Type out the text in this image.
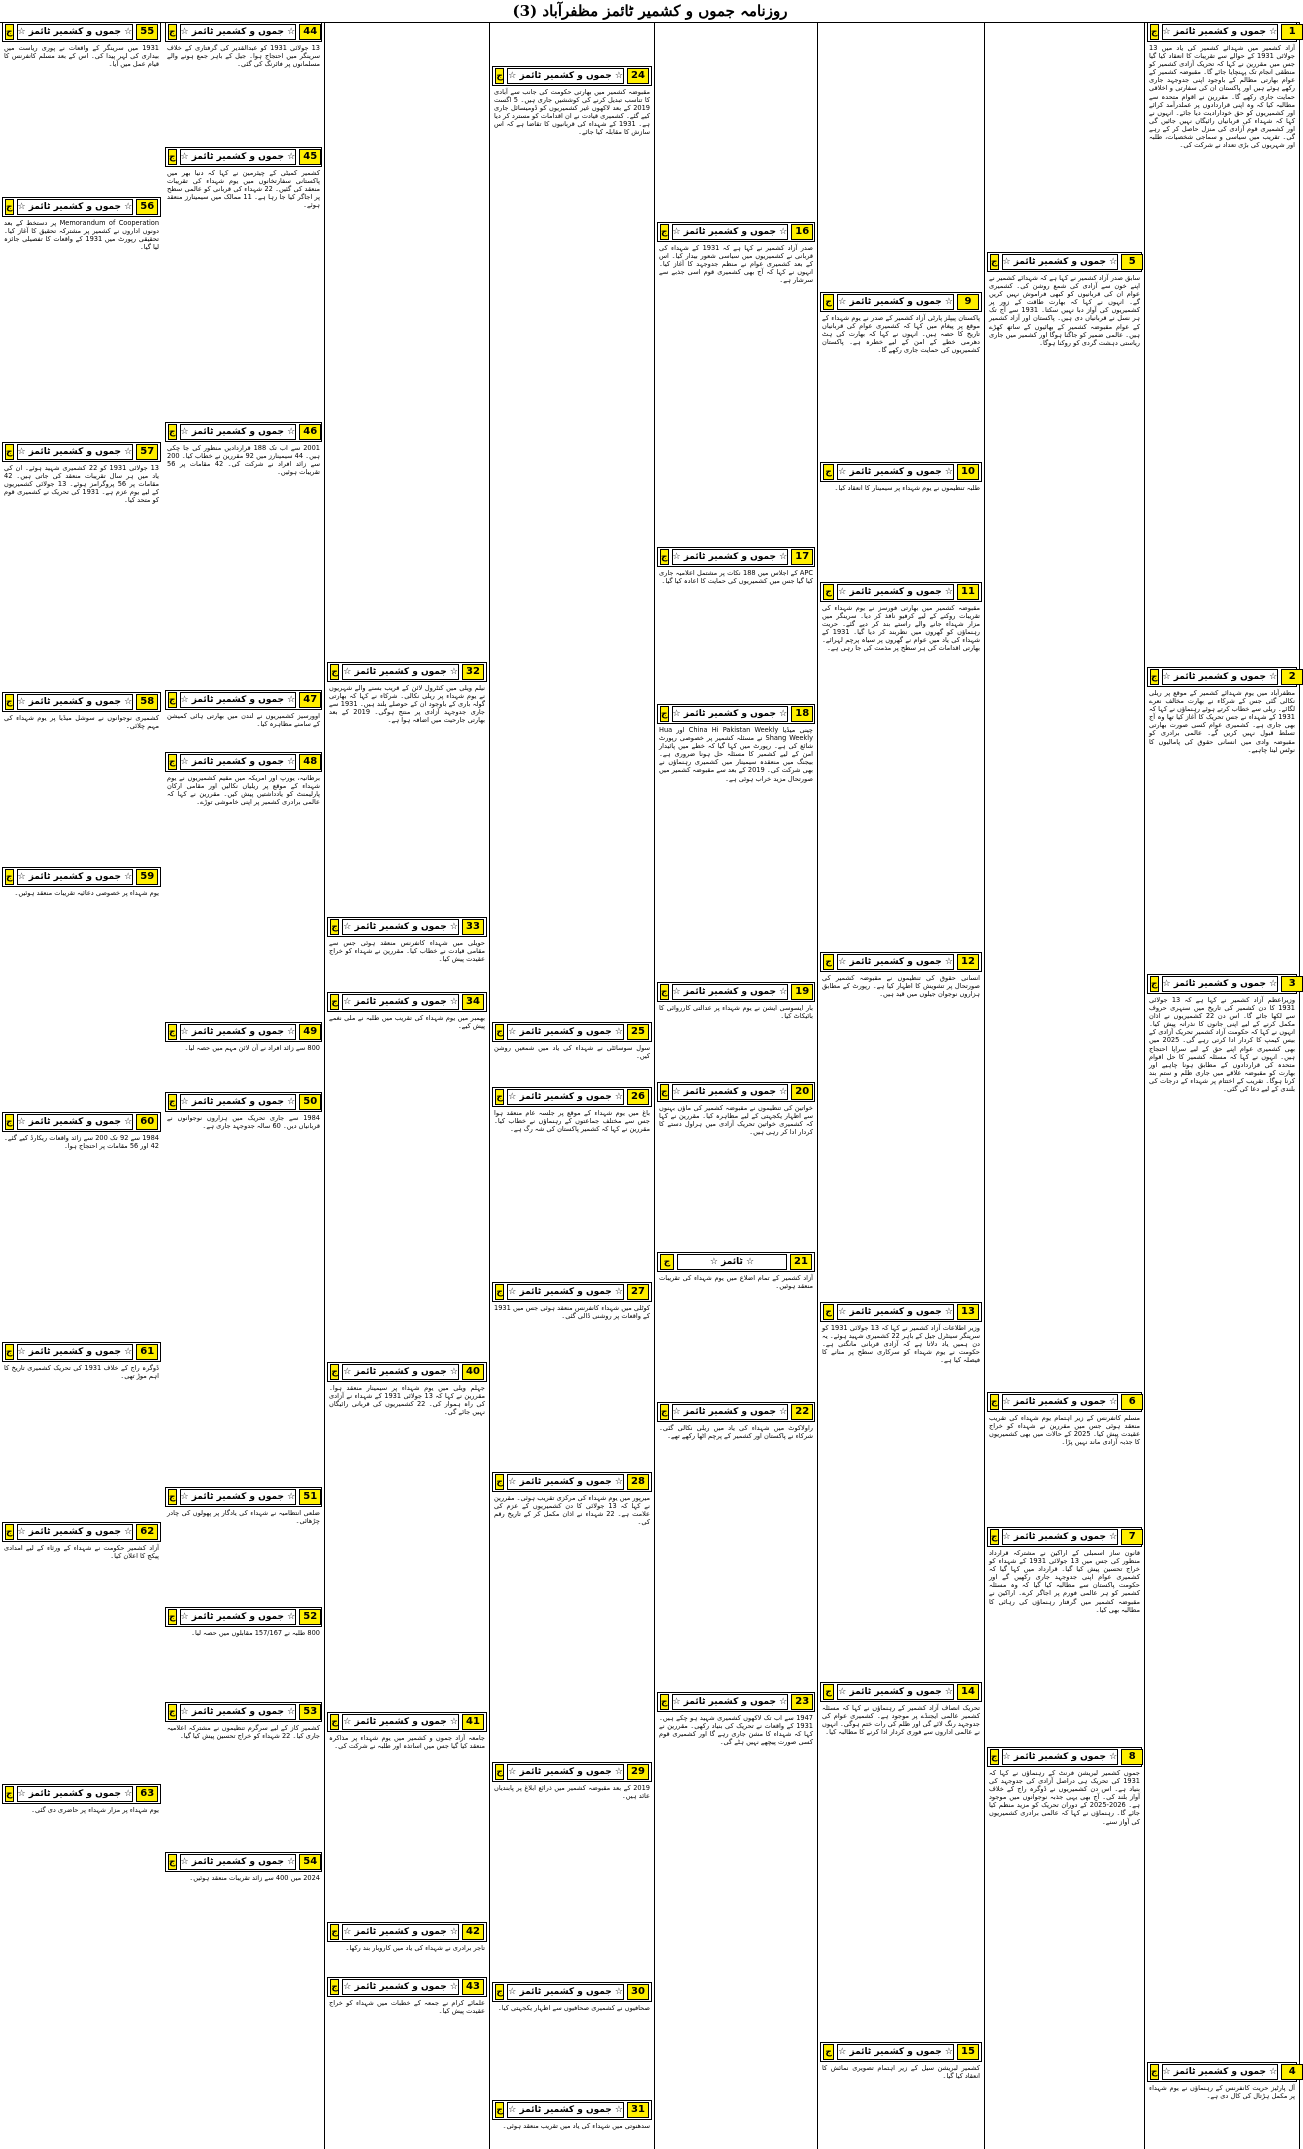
روزنامہ جموں و کشمیر ٹائمز مظفرآباد (3)
ج ☆ جموں و کشمیر ٹائمز ☆	1
آزاد کشمیر میں شہدائے کشمیر کی یاد میں 13 جولائی 1931 کے حوالے سے تقریبات کا انعقاد کیا گیا جس میں مقررین نے کہا کہ تحریک آزادی کشمیر کو منطقی انجام تک پہنچایا جائے گا۔ مقبوضہ کشمیر کے عوام بھارتی مظالم کے باوجود اپنی جدوجہد جاری رکھے ہوئے ہیں اور پاکستان ان کی سفارتی و اخلاقی حمایت جاری رکھے گا۔ مقررین نے اقوام متحدہ سے مطالبہ کیا کہ وہ اپنی قراردادوں پر عملدرآمد کرائے اور کشمیریوں کو حق خودارادیت دیا جائے۔ انہوں نے کہا کہ شہداء کی قربانیاں رائیگاں نہیں جائیں گی اور کشمیری قوم آزادی کی منزل حاصل کر کے رہے گی۔ تقریب میں سیاسی و سماجی شخصیات، طلبہ اور شہریوں کی بڑی تعداد نے شرکت کی۔
ج ☆ جموں و کشمیر ٹائمز ☆	2
مظفرآباد میں یوم شہدائے کشمیر کے موقع پر ریلی نکالی گئی جس کے شرکاء نے بھارت مخالف نعرے لگائے۔ ریلی سے خطاب کرتے ہوئے رہنماؤں نے کہا کہ 1931 کے شہداء نے جس تحریک کا آغاز کیا تھا وہ آج بھی جاری ہے۔ کشمیری عوام کسی صورت بھارتی تسلط قبول نہیں کریں گے۔ عالمی برادری کو مقبوضہ وادی میں انسانی حقوق کی پامالیوں کا نوٹس لینا چاہیے۔
ج ☆ جموں و کشمیر ٹائمز ☆	3
وزیراعظم آزاد کشمیر نے کہا ہے کہ 13 جولائی 1931 کا دن کشمیر کی تاریخ میں سنہری حروف سے لکھا جائے گا۔ اس دن 22 کشمیریوں نے اذان مکمل کرنے کے لیے اپنی جانوں کا نذرانہ پیش کیا۔ انہوں نے کہا کہ حکومت آزاد کشمیر تحریک آزادی کے بیس کیمپ کا کردار ادا کرتی رہے گی۔ 2025 میں بھی کشمیری عوام اپنے حق کے لیے سراپا احتجاج ہیں۔ انہوں نے کہا کہ مسئلہ کشمیر کا حل اقوام متحدہ کی قراردادوں کے مطابق ہونا چاہیے اور بھارت کو مقبوضہ علاقے میں جاری ظلم و ستم بند کرنا ہوگا۔ تقریب کے اختتام پر شہداء کے درجات کی بلندی کے لیے دعا کی گئی۔
ج ☆ جموں و کشمیر ٹائمز ☆	4
آل پارٹیز حریت کانفرنس کے رہنماؤں نے یوم شہداء پر مکمل ہڑتال کی کال دی ہے۔
ج ☆ جموں و کشمیر ٹائمز ☆	5
سابق صدر آزاد کشمیر نے کہا ہے کہ شہدائے کشمیر نے اپنے خون سے آزادی کی شمع روشن کی۔ کشمیری عوام ان کی قربانیوں کو کبھی فراموش نہیں کریں گے۔ انہوں نے کہا کہ بھارت طاقت کے زور پر کشمیریوں کی آواز دبا نہیں سکتا۔ 1931 سے آج تک ہر نسل نے قربانیاں دی ہیں۔ پاکستان اور آزاد کشمیر کے عوام مقبوضہ کشمیر کے بھائیوں کے ساتھ کھڑے ہیں۔ عالمی ضمیر کو جاگنا ہوگا اور کشمیر میں جاری ریاستی دہشت گردی کو روکنا ہوگا۔
ج ☆ جموں و کشمیر ٹائمز ☆	6
مسلم کانفرنس کے زیر اہتمام یوم شہداء کی تقریب منعقد ہوئی جس میں مقررین نے شہداء کو خراج عقیدت پیش کیا۔ 2025 کے حالات میں بھی کشمیریوں کا جذبہ آزادی ماند نہیں پڑا۔
ج ☆ جموں و کشمیر ٹائمز ☆	7
قانون ساز اسمبلی کے اراکین نے مشترکہ قرارداد منظور کی جس میں 13 جولائی 1931 کے شہداء کو خراج تحسین پیش کیا گیا۔ قرارداد میں کہا گیا کہ کشمیری عوام اپنی جدوجہد جاری رکھیں گے اور حکومت پاکستان سے مطالبہ کیا گیا کہ وہ مسئلہ کشمیر کو ہر عالمی فورم پر اجاگر کرے۔ اراکین نے مقبوضہ کشمیر میں گرفتار رہنماؤں کی رہائی کا مطالبہ بھی کیا۔
ج ☆ جموں و کشمیر ٹائمز ☆	8
جموں کشمیر لبریشن فرنٹ کے رہنماؤں نے کہا کہ 1931 کی تحریک ہی دراصل آزادی کی جدوجہد کی بنیاد ہے۔ اس دن کشمیریوں نے ڈوگرہ راج کے خلاف آواز بلند کی۔ آج بھی یہی جذبہ نوجوانوں میں موجود ہے۔ 2026-2025 کے دوران تحریک کو مزید منظم کیا جائے گا۔ رہنماؤں نے کہا کہ عالمی برادری کشمیریوں کی آواز سنے۔
ج ☆ جموں و کشمیر ٹائمز ☆	9
پاکستان پیپلز پارٹی آزاد کشمیر کے صدر نے یوم شہداء کے موقع پر پیغام میں کہا کہ کشمیری عوام کی قربانیاں تاریخ کا حصہ ہیں۔ انہوں نے کہا کہ بھارت کی ہٹ دھرمی خطے کے امن کے لیے خطرہ ہے۔ پاکستان کشمیریوں کی حمایت جاری رکھے گا۔
ج ☆ جموں و کشمیر ٹائمز ☆ 10
طلبہ تنظیموں نے یوم شہداء پر سیمینار کا انعقاد کیا۔
ج ☆ جموں و کشمیر ٹائمز ☆ 11
مقبوضہ کشمیر میں بھارتی فورسز نے یوم شہداء کی تقریبات روکنے کے لیے کرفیو نافذ کر دیا۔ سرینگر میں مزار شہداء جانے والے راستے بند کر دیے گئے۔ حریت رہنماؤں کو گھروں میں نظربند کر دیا گیا۔ 1931 کے شہداء کی یاد میں عوام نے گھروں پر سیاہ پرچم لہرائے۔ بھارتی اقدامات کی ہر سطح پر مذمت کی جا رہی ہے۔
ج ☆ جموں و کشمیر ٹائمز ☆ 12
انسانی حقوق کی تنظیموں نے مقبوضہ کشمیر کی صورتحال پر تشویش کا اظہار کیا ہے۔ رپورٹ کے مطابق ہزاروں نوجوان جیلوں میں قید ہیں۔
ج ☆ جموں و کشمیر ٹائمز ☆ 13
وزیر اطلاعات آزاد کشمیر نے کہا کہ 13 جولائی 1931 کو سرینگر سینٹرل جیل کے باہر 22 کشمیری شہید ہوئے۔ یہ دن ہمیں یاد دلاتا ہے کہ آزادی قربانی مانگتی ہے۔ حکومت نے یوم شہداء کو سرکاری سطح پر منانے کا فیصلہ کیا ہے۔
ج ☆ جموں و کشمیر ٹائمز ☆ 14
تحریک انصاف آزاد کشمیر کے رہنماؤں نے کہا کہ مسئلہ کشمیر عالمی ایجنڈے پر موجود ہے۔ کشمیری عوام کی جدوجہد رنگ لائے گی اور ظلم کی رات ختم ہوگی۔ انہوں نے عالمی اداروں سے فوری کردار ادا کرنے کا مطالبہ کیا۔
ج ☆ جموں و کشمیر ٹائمز ☆ 15
کشمیر لبریشن سیل کے زیر اہتمام تصویری نمائش کا انعقاد کیا گیا۔
ج ☆ جموں و کشمیر ٹائمز ☆ 16
صدر آزاد کشمیر نے کہا ہے کہ 1931 کے شہداء کی قربانی نے کشمیریوں میں سیاسی شعور بیدار کیا۔ اس کے بعد کشمیری عوام نے منظم جدوجہد کا آغاز کیا۔ انہوں نے کہا کہ آج بھی کشمیری قوم اسی جذبے سے سرشار ہے۔
ج ☆ جموں و کشمیر ٹائمز ☆ 17
APC کے اجلاس میں 188 نکات پر مشتمل اعلامیہ جاری کیا گیا جس میں کشمیریوں کی حمایت کا اعادہ کیا گیا۔
ج ☆ جموں و کشمیر ٹائمز ☆ 18
چینی میڈیا China Hi Pakistan Weekly اور Hua Shang Weekly نے مسئلہ کشمیر پر خصوصی رپورٹ شائع کی ہے۔ رپورٹ میں کہا گیا کہ خطے میں پائیدار امن کے لیے کشمیر کا مسئلہ حل ہونا ضروری ہے۔ بیجنگ میں منعقدہ سیمینار میں کشمیری رہنماؤں نے بھی شرکت کی۔ 2019 کے بعد سے مقبوضہ کشمیر میں صورتحال مزید خراب ہوئی ہے۔
ج ☆ جموں و کشمیر ٹائمز ☆ 19
بار ایسوسی ایشن نے یوم شہداء پر عدالتی کارروائی کا بائیکاٹ کیا۔
ج ☆ جموں و کشمیر ٹائمز ☆ 20
خواتین کی تنظیموں نے مقبوضہ کشمیر کی ماؤں بہنوں سے اظہار یکجہتی کے لیے مظاہرہ کیا۔ مقررین نے کہا کہ کشمیری خواتین تحریک آزادی میں ہراول دستے کا کردار ادا کر رہی ہیں۔
ج	☆ ٹائمز ☆	21
آزاد کشمیر کے تمام اضلاع میں یوم شہداء کی تقریبات منعقد ہوئیں۔
ج ☆ جموں و کشمیر ٹائمز ☆ 22
راولاکوٹ میں شہداء کی یاد میں ریلی نکالی گئی۔ شرکاء نے پاکستان اور کشمیر کے پرچم اٹھا رکھے تھے۔
ج ☆ جموں و کشمیر ٹائمز ☆ 23
1947 سے اب تک لاکھوں کشمیری شہید ہو چکے ہیں۔ 1931 کے واقعات نے تحریک کی بنیاد رکھی۔ مقررین نے کہا کہ شہداء کا مشن جاری رہے گا اور کشمیری قوم کسی صورت پیچھے نہیں ہٹے گی۔
ج ☆ جموں و کشمیر ٹائمز ☆ 24
مقبوضہ کشمیر میں بھارتی حکومت کی جانب سے آبادی کا تناسب تبدیل کرنے کی کوششیں جاری ہیں۔ 5 اگست 2019 کے بعد لاکھوں غیر کشمیریوں کو ڈومیسائل جاری کیے گئے۔ کشمیری قیادت نے ان اقدامات کو مسترد کر دیا ہے۔ 1931 کے شہداء کی قربانیوں کا تقاضا ہے کہ اس سازش کا مقابلہ کیا جائے۔
ج ☆ جموں و کشمیر ٹائمز ☆ 25
سول سوسائٹی نے شہداء کی یاد میں شمعیں روشن کیں۔
ج ☆ جموں و کشمیر ٹائمز ☆ 26
باغ میں یوم شہداء کے موقع پر جلسہ عام منعقد ہوا جس سے مختلف جماعتوں کے رہنماؤں نے خطاب کیا۔ مقررین نے کہا کہ کشمیر پاکستان کی شہ رگ ہے۔
ج ☆ جموں و کشمیر ٹائمز ☆ 27
کوٹلی میں شہداء کانفرنس منعقد ہوئی جس میں 1931 کے واقعات پر روشنی ڈالی گئی۔
ج ☆ جموں و کشمیر ٹائمز ☆ 28
میرپور میں یوم شہداء کی مرکزی تقریب ہوئی۔ مقررین نے کہا کہ 13 جولائی کا دن کشمیریوں کے عزم کی علامت ہے۔ 22 شہداء نے اذان مکمل کر کے تاریخ رقم کی۔
ج ☆ جموں و کشمیر ٹائمز ☆ 29
2019 کے بعد مقبوضہ کشمیر میں ذرائع ابلاغ پر پابندیاں عائد ہیں۔
ج ☆ جموں و کشمیر ٹائمز ☆ 30
صحافیوں نے کشمیری صحافیوں سے اظہار یکجہتی کیا۔
ج ☆ جموں و کشمیر ٹائمز ☆ 31
سدھنوتی میں شہداء کی یاد میں تقریب منعقد ہوئی۔
ج ☆ جموں و کشمیر ٹائمز ☆ 32
نیلم ویلی میں کنٹرول لائن کے قریب بسنے والے شہریوں نے یوم شہداء پر ریلی نکالی۔ شرکاء نے کہا کہ بھارتی گولہ باری کے باوجود ان کے حوصلے بلند ہیں۔ 1931 سے جاری جدوجہد آزادی پر منتج ہوگی۔ 2019 کے بعد بھارتی جارحیت میں اضافہ ہوا ہے۔
ج ☆ جموں و کشمیر ٹائمز ☆ 33
حویلی میں شہداء کانفرنس منعقد ہوئی جس سے مقامی قیادت نے خطاب کیا۔ مقررین نے شہداء کو خراج عقیدت پیش کیا۔
ج ☆ جموں و کشمیر ٹائمز ☆ 34
بھمبر میں یوم شہداء کی تقریب میں طلبہ نے ملی نغمے پیش کیے۔
ج ☆ جموں و کشمیر ٹائمز ☆ 40
جہلم ویلی میں یوم شہداء پر سیمینار منعقد ہوا۔ مقررین نے کہا کہ 13 جولائی 1931 کے شہداء نے آزادی کی راہ ہموار کی۔ 22 کشمیریوں کی قربانی رائیگاں نہیں جائے گی۔
ج ☆ جموں و کشمیر ٹائمز ☆ 41
جامعہ آزاد جموں و کشمیر میں یوم شہداء پر مذاکرہ منعقد کیا گیا جس میں اساتذہ اور طلبہ نے شرکت کی۔
ج ☆ جموں و کشمیر ٹائمز ☆ 42
تاجر برادری نے شہداء کی یاد میں کاروبار بند رکھا۔
ج ☆ جموں و کشمیر ٹائمز ☆ 43
علمائے کرام نے جمعہ کے خطبات میں شہداء کو خراج عقیدت پیش کیا۔
ج ☆ جموں و کشمیر ٹائمز ☆ 44
13 جولائی 1931 کو عبدالقدیر کی گرفتاری کے خلاف سرینگر میں احتجاج ہوا۔ جیل کے باہر جمع ہونے والے مسلمانوں پر فائرنگ کی گئی۔
ج ☆ جموں و کشمیر ٹائمز ☆ 45
کشمیر کمیٹی کے چیئرمین نے کہا کہ دنیا بھر میں پاکستانی سفارتخانوں میں یوم شہداء کی تقریبات منعقد کی گئیں۔ 22 شہداء کی قربانی کو عالمی سطح پر اجاگر کیا جا رہا ہے۔ 11 ممالک میں سیمینارز منعقد ہوئے۔
ج ☆ جموں و کشمیر ٹائمز ☆ 46
2001 سے اب تک 188 قراردادیں منظور کی جا چکی ہیں۔ 44 سیمینارز میں 92 مقررین نے خطاب کیا۔ 200 سے زائد افراد نے شرکت کی۔ 42 مقامات پر 56 تقریبات ہوئیں۔
ج ☆ جموں و کشمیر ٹائمز ☆ 47
اوورسیز کشمیریوں نے لندن میں بھارتی ہائی کمیشن کے سامنے مظاہرہ کیا۔
ج ☆ جموں و کشمیر ٹائمز ☆ 48
برطانیہ، یورپ اور امریکہ میں مقیم کشمیریوں نے یوم شہداء کے موقع پر ریلیاں نکالیں اور مقامی ارکان پارلیمنٹ کو یادداشتیں پیش کیں۔ مقررین نے کہا کہ عالمی برادری کشمیر پر اپنی خاموشی توڑے۔
ج ☆ جموں و کشمیر ٹائمز ☆ 49
800 سے زائد افراد نے آن لائن مہم میں حصہ لیا۔
ج ☆ جموں و کشمیر ٹائمز ☆ 50
1984 سے جاری تحریک میں ہزاروں نوجوانوں نے قربانیاں دیں۔ 60 سالہ جدوجہد جاری ہے۔
ج ☆ جموں و کشمیر ٹائمز ☆ 51
ضلعی انتظامیہ نے شہداء کی یادگار پر پھولوں کی چادر چڑھائی۔
ج ☆ جموں و کشمیر ٹائمز ☆ 52
800 طلبہ نے 157/167 مقابلوں میں حصہ لیا۔
ج ☆ جموں و کشمیر ٹائمز ☆ 53
کشمیر کاز کے لیے سرگرم تنظیموں نے مشترکہ اعلامیہ جاری کیا۔ 22 شہداء کو خراج تحسین پیش کیا گیا۔
ج ☆ جموں و کشمیر ٹائمز ☆ 54
2024 میں 400 سے زائد تقریبات منعقد ہوئیں۔
ج ☆ جموں و کشمیر ٹائمز ☆ 55
1931 میں سرینگر کے واقعات نے پوری ریاست میں بیداری کی لہر پیدا کی۔ اس کے بعد مسلم کانفرنس کا قیام عمل میں آیا۔
ج ☆ جموں و کشمیر ٹائمز ☆ 56
Memorandum of Cooperation پر دستخط کے بعد دونوں اداروں نے کشمیر پر مشترکہ تحقیق کا آغاز کیا۔ تحقیقی رپورٹ میں 1931 کے واقعات کا تفصیلی جائزہ لیا گیا۔
ج ☆ جموں و کشمیر ٹائمز ☆ 57
13 جولائی 1931 کو 22 کشمیری شہید ہوئے۔ ان کی یاد میں ہر سال تقریبات منعقد کی جاتی ہیں۔ 42 مقامات پر 56 پروگرامز ہوئے۔ 13 جولائی کشمیریوں کے لیے یوم عزم ہے۔ 1931 کی تحریک نے کشمیری قوم کو متحد کیا۔
ج ☆ جموں و کشمیر ٹائمز ☆ 58
کشمیری نوجوانوں نے سوشل میڈیا پر یوم شہداء کی مہم چلائی۔
ج ☆ جموں و کشمیر ٹائمز ☆ 59
یوم شہداء پر خصوصی دعائیہ تقریبات منعقد ہوئیں۔
ج ☆ جموں و کشمیر ٹائمز ☆ 60
1984 سے 92 تک 200 سے زائد واقعات ریکارڈ کیے گئے۔ 42 اور 56 مقامات پر احتجاج ہوا۔
ج ☆ جموں و کشمیر ٹائمز ☆ 61
ڈوگرہ راج کے خلاف 1931 کی تحریک کشمیری تاریخ کا اہم موڑ تھی۔
ج ☆ جموں و کشمیر ٹائمز ☆ 62
آزاد کشمیر حکومت نے شہداء کے ورثاء کے لیے امدادی پیکج کا اعلان کیا۔
ج ☆ جموں و کشمیر ٹائمز ☆ 63
یوم شہداء پر مزار شہداء پر حاضری دی گئی۔
